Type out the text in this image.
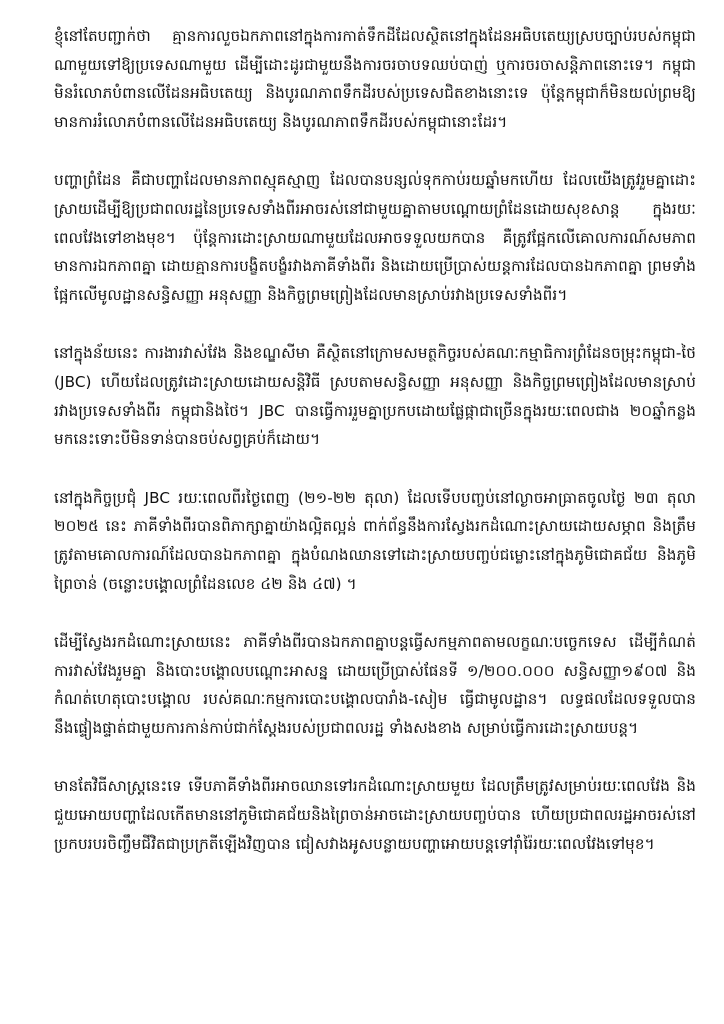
ខ្ញុំនៅតែបញ្ជាក់ថា គ្មានការលួចឯកភាពនៅក្នុងការកាត់ទឹកដីដែលស្ថិតនៅក្នុងដែនអធិបតេយ្យស្របច្បាប់របស់កម្ពុជាណាមួយទៅឱ្យប្រទេសណាមួយ ដើម្បីដោះដូរជាមួយនឹងការចរចាបទឈប់បាញ់ ឬការចរចាសន្តិភាពនោះទេ។ កម្ពុជាមិនរំលោភបំពានលើដែនអធិបតេយ្យ និងបូរណភាពទឹកដីរបស់ប្រទេសជិតខាងនោះទេ ប៉ុន្តែកម្ពុជាក៏មិនយល់ព្រមឱ្យមានការរំលោភបំពានលើដែនអធិបតេយ្យ និងបូរណភាពទឹកដីរបស់កម្ពុជានោះដែរ។

បញ្ហាព្រំដែន គឺជាបញ្ហាដែលមានភាពស្មុគស្មាញ ដែលបានបន្សល់ទុកកាប់រយឆ្នាំមកហើយ ដែលយើងត្រូវរួមគ្នាដោះស្រាយដើម្បីឱ្យប្រជាពលរដ្ឋនៃប្រទេសទាំងពីរអាចរស់នៅជាមួយគ្នាតាមបណ្តោយព្រំដែនដោយសុខសាន្ត ក្នុងរយៈពេលវែងទៅខាងមុខ។ ប៉ុន្តែការដោះស្រាយណាមួយដែលអាចទទួលយកបាន គឺត្រូវផ្អែកលើគោលការណ៍សមភាព មានការឯកភាពគ្នា ដោយគ្មានការបង្ខិតបង្ខំរវាងភាគីទាំងពីរ និងដោយប្រើប្រាស់យន្តការដែលបានឯកភាពគ្នា ព្រមទាំងផ្អែកលើមូលដ្ឋានសន្ធិសញ្ញា អនុសញ្ញា និងកិច្ចព្រមព្រៀងដែលមានស្រាប់រវាងប្រទេសទាំងពីរ។

នៅក្នុងន័យនេះ ការងារវាស់វែង និងខណ្ឌសីមា គឺស្ថិតនៅក្រោមសមត្ថកិច្ចរបស់គណៈកម្មាធិការព្រំដែនចម្រុះកម្ពុជា-ថៃ (JBC) ហើយដែលត្រូវដោះស្រាយដោយសន្តិវិធី ស្របតាមសន្ធិសញ្ញា អនុសញ្ញា និងកិច្ចព្រមព្រៀងដែលមានស្រាប់រវាងប្រទេសទាំងពីរ កម្ពុជានិងថៃ។ JBC បានធ្វើការរួមគ្នាប្រកបដោយផ្លែផ្កាជាច្រើនក្នុងរយៈពេលជាង ២០ឆ្នាំកន្លងមកនេះទោះបីមិនទាន់បានចប់សព្វគ្រប់ក៏ដោយ។

នៅក្នុងកិច្ចប្រជុំ JBC រយៈពេលពីរថ្ងៃពេញ (២១-២២ តុលា) ដែលទើបបញ្ចប់នៅល្ងាចអាធ្រាតចូលថ្ងៃ ២៣ តុលា ២០២៥ នេះ ភាគីទាំងពីរបានពិភាក្សាគ្នាយ៉ាងល្អិតល្អន់ ពាក់ព័ន្ធនឹងការស្វែងរកដំណោះស្រាយដោយសម្ភាព និងត្រឹមត្រូវតាមគោលការណ៍ដែលបានឯកភាពគ្នា ក្នុងបំណងឈានទៅដោះស្រាយបញ្ចប់ជម្លោះនៅក្នុងភូមិជោគជ័យ និងភូមិព្រៃចាន់ (ចន្លោះបង្គោលព្រំដែនលេខ ៤២ និង ៤៧) ។

ដើម្បីស្វែងរកដំណោះស្រាយនេះ ភាគីទាំងពីរបានឯកភាពគ្នាបន្តធ្វើសកម្មភាពតាមលក្ខណៈបច្ចេកទេស ដើម្បីកំណត់ការវាស់វែងរួមគ្នា និងបោះបង្គោលបណ្ដោះអាសន្ន ដោយប្រើប្រាស់ផែនទី ១/២០០.០០០ សន្ធិសញ្ញា១៩០៧ និងកំណត់ហេតុបោះបង្គោល របស់គណៈកម្មការបោះបង្គោលបារាំង-សៀម ធ្វើជាមូលដ្ឋាន។ លទ្ធផលដែលទទួលបាន នឹងផ្ទៀងផ្ទាត់ជាមួយការកាន់កាប់ជាក់ស្តែងរបស់ប្រជាពលរដ្ឋ ទាំងសងខាង សម្រាប់ធ្វើការដោះស្រាយបន្ត។

មានតែវិធីសាស្ត្រនេះទេ ទើបភាគីទាំងពីរអាចឈានទៅរកដំណោះស្រាយមួយ ដែលត្រឹមត្រូវសម្រាប់រយៈពេលវែង និងជួយអោយបញ្ហាដែលកើតមាននៅភូមិជោគជ័យនិងព្រៃចាន់អាចដោះស្រាយបញ្ចប់បាន ហើយប្រជាពលរដ្ឋអាចរស់នៅប្រកបរបរចិញ្ចឹមជីវិតជាប្រក្រតីឡើងវិញបាន ជៀសវាងអូសបន្លាយបញ្ហាអោយបន្តទៅរ៉ាំរ៉ៃរយៈពេលវែងទៅមុខ។
